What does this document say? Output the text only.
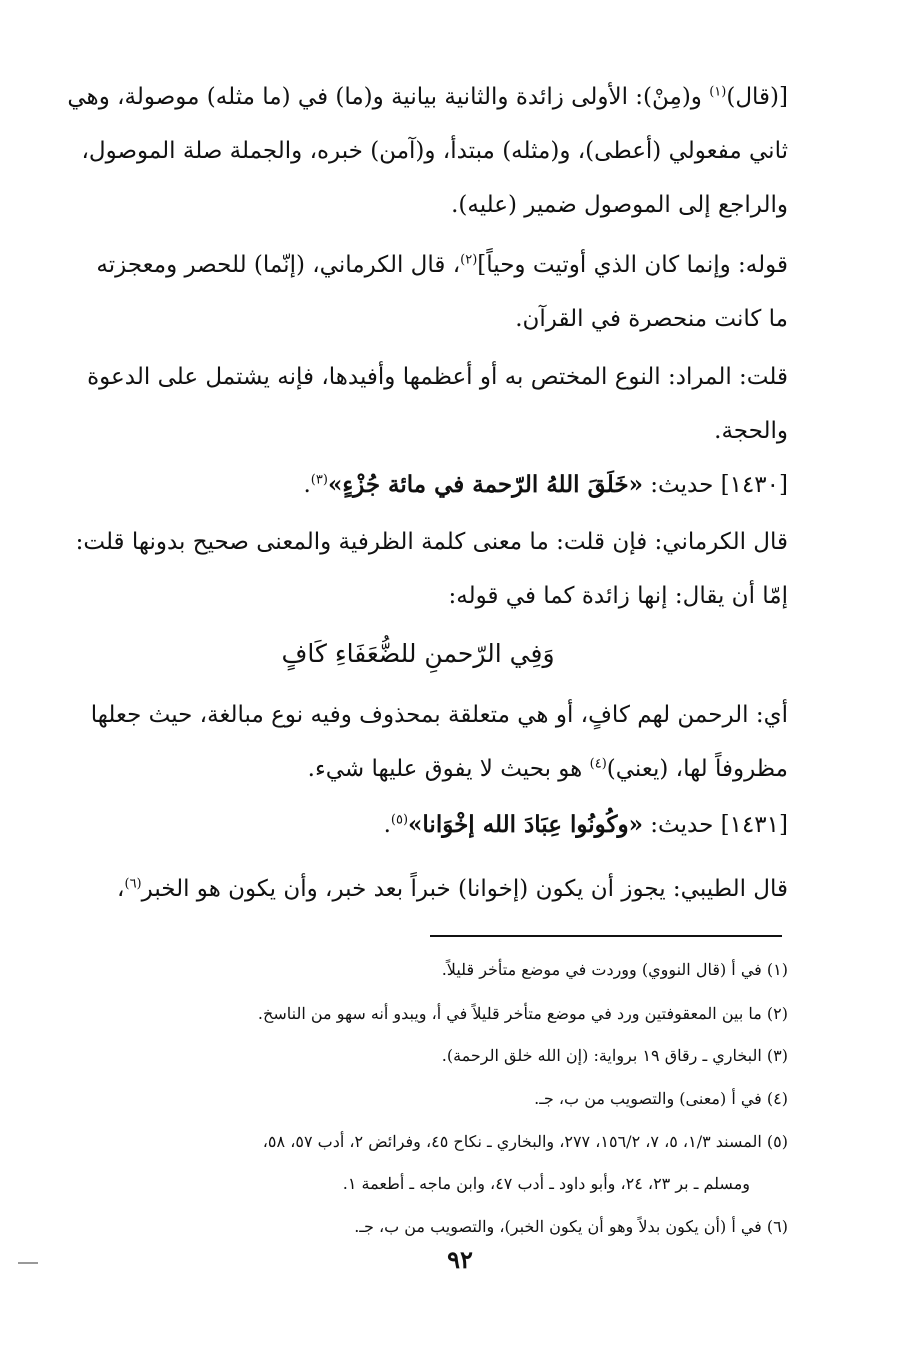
[(قال)$^{(١)}$ و(مِنْ): الأولى زائدة والثانية بيانية و(ما) في (ما مثله) موصولة، وهي
ثاني مفعولي (أعطى)، و(مثله) مبتدأ، و(آمن) خبره، والجملة صلة الموصول،
والراجع إلى الموصول ضمير (عليه).
قوله: وإنما كان الذي أوتيت وحياً]$^{(٢)}$، قال الكرماني، (إنّما) للحصر ومعجزته
ما كانت منحصرة في القرآن.
قلت: المراد: النوع المختص به أو أعظمها وأفيدها، فإنه يشتمل على الدعوة
والحجة.
[١٤٣٠] حديث: «خَلَقَ اللهُ الرّحمة في مائة جُزْءٍ»$^{(٣)}$.
قال الكرماني: فإن قلت: ما معنى كلمة الظرفية والمعنى صحيح بدونها قلت:
إمّا أن يقال: إنها زائدة كما في قوله:
وَفِي الرّحمنِ للضُّعَفَاءِ كَافٍ
أي: الرحمن لهم كافٍ، أو هي متعلقة بمحذوف وفيه نوع مبالغة، حيث جعلها
مظروفاً لها، (يعني)$^{(٤)}$ هو بحيث لا يفوق عليها شيء.
[١٤٣١] حديث: «وكُونُوا عِبَادَ الله إخْوَانا»$^{(٥)}$.
قال الطيبي: يجوز أن يكون (إخوانا) خبراً بعد خبر، وأن يكون هو الخبر$^{(٦)}$،
(١) في أ (قال النووي) ووردت في موضع متأخر قليلاً.
(٢) ما بين المعقوفتين ورد في موضع متأخر قليلاً في أ، ويبدو أنه سهو من الناسخ.
(٣) البخاري ـ رقاق ١٩ برواية: (إن الله خلق الرحمة).
(٤) في أ (معنى) والتصويب من ب، جـ.
(٥) المسند ١/٣، ٥، ٧، ١٥٦/٢، ٢٧٧، والبخاري ـ نكاح ٤٥، وفرائض ٢، أدب ٥٧، ٥٨،
ومسلم ـ بر ٢٣، ٢٤، وأبو داود ـ أدب ٤٧، وابن ماجه ـ أطعمة ١.
(٦) في أ (أن يكون بدلاً وهو أن يكون الخبر)، والتصويب من ب، جـ.
٩٢
